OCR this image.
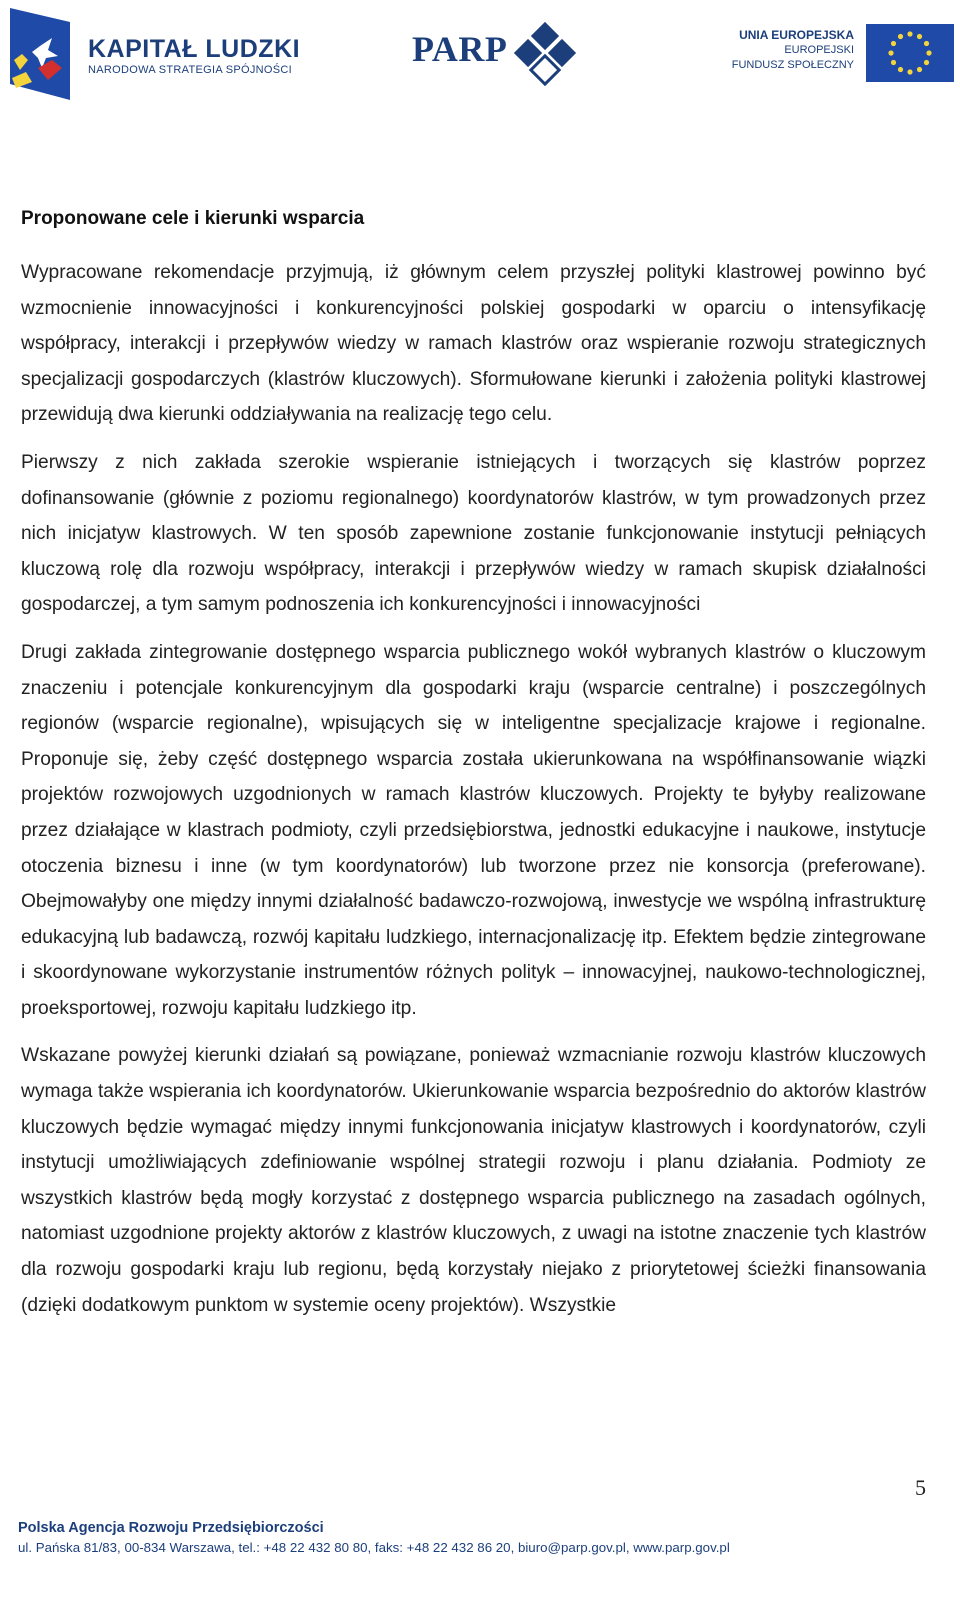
KAPITAŁ LUDZKI
NARODOWA STRATEGIA SPÓJNOŚCI
PARP	UNIA EUROPEJSKA
EUROPEJSKI
FUNDUSZ SPOŁECZNY
Proponowane cele i kierunki wsparcia

Wypracowane rekomendacje przyjmują, iż głównym celem przyszłej polityki klastrowej powinno być wzmocnienie innowacyjności i konkurencyjności polskiej gospodarki w oparciu o intensyfikację współpracy, interakcji i przepływów wiedzy w ramach klastrów oraz wspieranie rozwoju strategicznych specjalizacji gospodarczych (klastrów kluczowych). Sformułowane kierunki i założenia polityki klastrowej przewidują dwa kierunki oddziaływania na realizację tego celu.

Pierwszy z nich zakłada szerokie wspieranie istniejących i tworzących się klastrów poprzez dofinansowanie (głównie z poziomu regionalnego) koordynatorów klastrów, w tym prowadzonych przez nich inicjatyw klastrowych. W ten sposób zapewnione zostanie funkcjonowanie instytucji pełniących kluczową rolę dla rozwoju współpracy, interakcji i przepływów wiedzy w ramach skupisk działalności gospodarczej, a tym samym podnoszenia ich konkurencyjności i innowacyjności

Drugi zakłada zintegrowanie dostępnego wsparcia publicznego wokół wybranych klastrów o kluczowym znaczeniu i potencjale konkurencyjnym dla gospodarki kraju (wsparcie centralne) i poszczególnych regionów (wsparcie regionalne), wpisujących się w inteligentne specjalizacje krajowe i regionalne. Proponuje się, żeby część dostępnego wsparcia została ukierunkowana na współfinansowanie wiązki projektów rozwojowych uzgodnionych w ramach klastrów kluczowych. Projekty te byłyby realizowane przez działające w klastrach podmioty, czyli przedsiębiorstwa, jednostki edukacyjne i naukowe, instytucje otoczenia biznesu i inne (w tym koordynatorów) lub tworzone przez nie konsorcja (preferowane). Obejmowałyby one między innymi działalność badawczo-rozwojową, inwestycje we wspólną infrastrukturę edukacyjną lub badawczą, rozwój kapitału ludzkiego, internacjonalizację itp. Efektem będzie zintegrowane i skoordynowane wykorzystanie instrumentów różnych polityk – innowacyjnej, naukowo-technologicznej, proeksportowej, rozwoju kapitału ludzkiego itp.

Wskazane powyżej kierunki działań są powiązane, ponieważ wzmacnianie rozwoju klastrów kluczowych wymaga także wspierania ich koordynatorów. Ukierunkowanie wsparcia bezpośrednio do aktorów klastrów kluczowych będzie wymagać między innymi funkcjonowania inicjatyw klastrowych i koordynatorów, czyli instytucji umożliwiających zdefiniowanie wspólnej strategii rozwoju i planu działania. Podmioty ze wszystkich klastrów będą mogły korzystać z dostępnego wsparcia publicznego na zasadach ogólnych, natomiast uzgodnione projekty aktorów z klastrów kluczowych, z uwagi na istotne znaczenie tych klastrów dla rozwoju gospodarki kraju lub regionu, będą korzystały niejako z priorytetowej ścieżki finansowania (dzięki dodatkowym punktom w systemie oceny projektów). Wszystkie

5
Polska Agencja Rozwoju Przedsiębiorczości
ul. Pańska 81/83, 00-834 Warszawa, tel.: +48 22 432 80 80, faks: +48 22 432 86 20, biuro@parp.gov.pl, www.parp.gov.pl
